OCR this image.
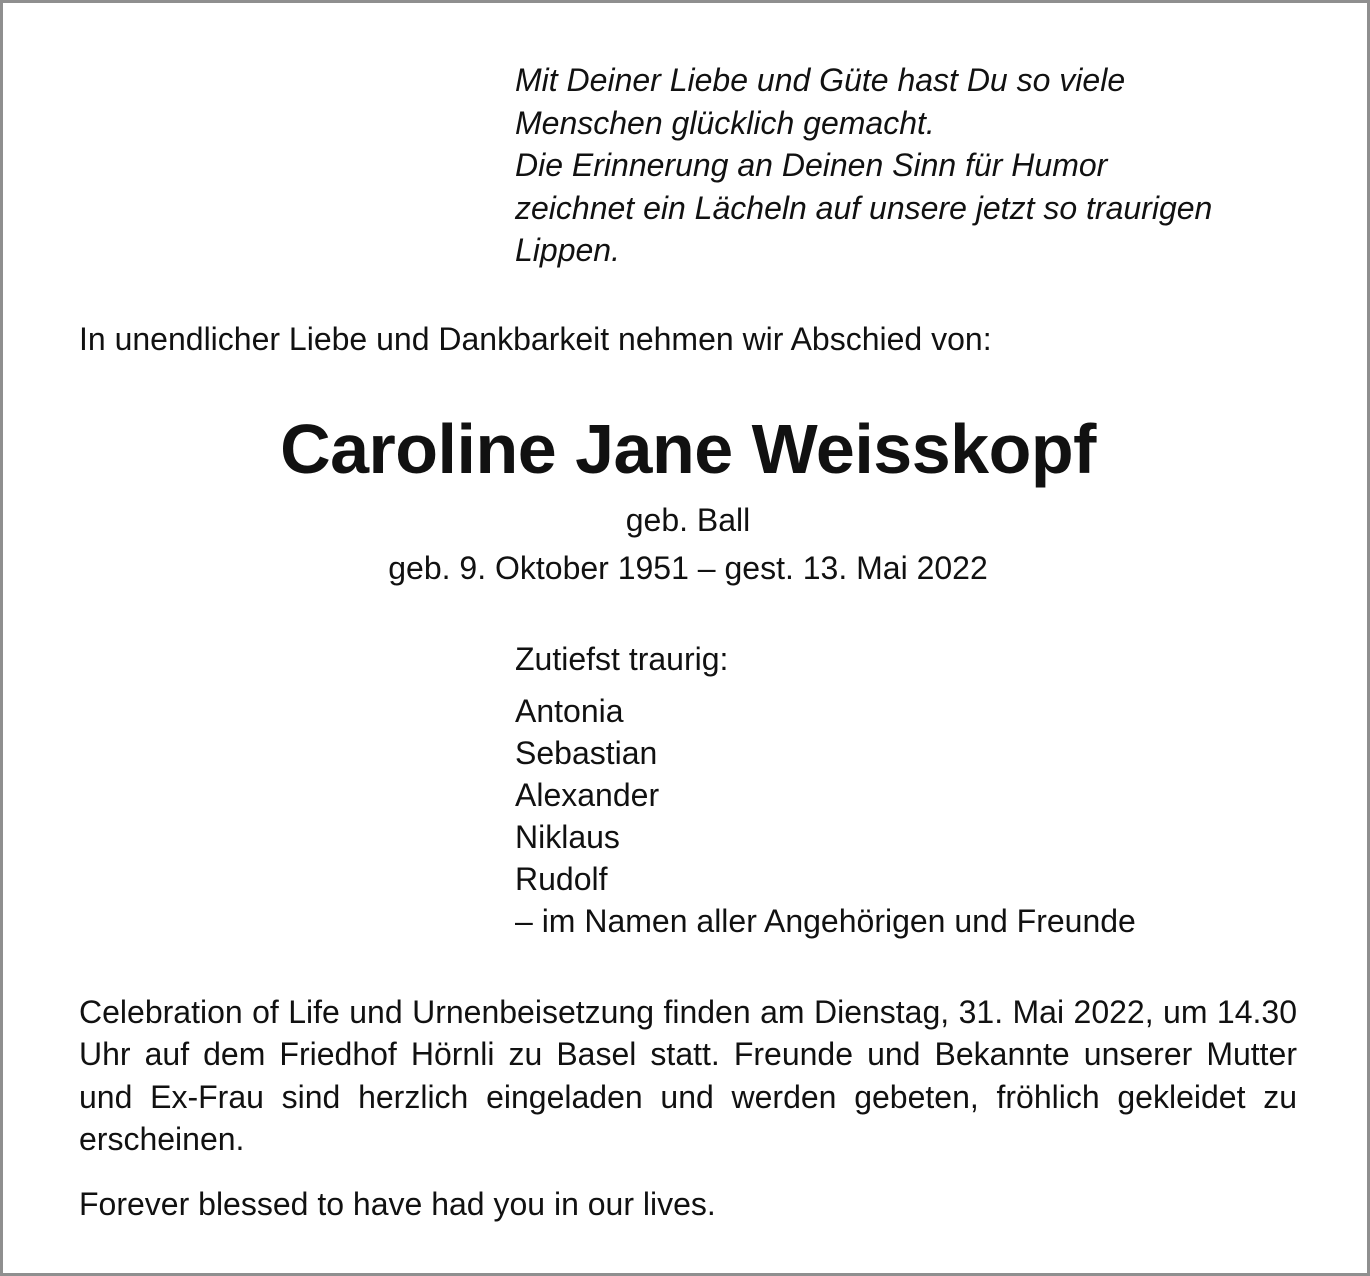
Mit Deiner Liebe und Güte hast Du so viele
Menschen glücklich gemacht.
Die Erinnerung an Deinen Sinn für Humor
zeichnet ein Lächeln auf unsere jetzt so traurigen
Lippen.
In unendlicher Liebe und Dankbarkeit nehmen wir Abschied von:
Caroline Jane Weisskopf
geb. Ball
geb. 9. Oktober 1951 – gest. 13. Mai 2022
Zutiefst traurig:
Antonia
Sebastian
Alexander
Niklaus
Rudolf
– im Namen aller Angehörigen und Freunde
Celebration of Life und Urnenbeisetzung finden am Dienstag, 31. Mai 2022, um 14.30 Uhr auf dem Friedhof Hörnli zu Basel statt. Freunde und Bekannte unserer Mutter und Ex-Frau sind herzlich eingeladen und werden gebeten, fröhlich gekleidet zu erscheinen.
Forever blessed to have had you in our lives.
